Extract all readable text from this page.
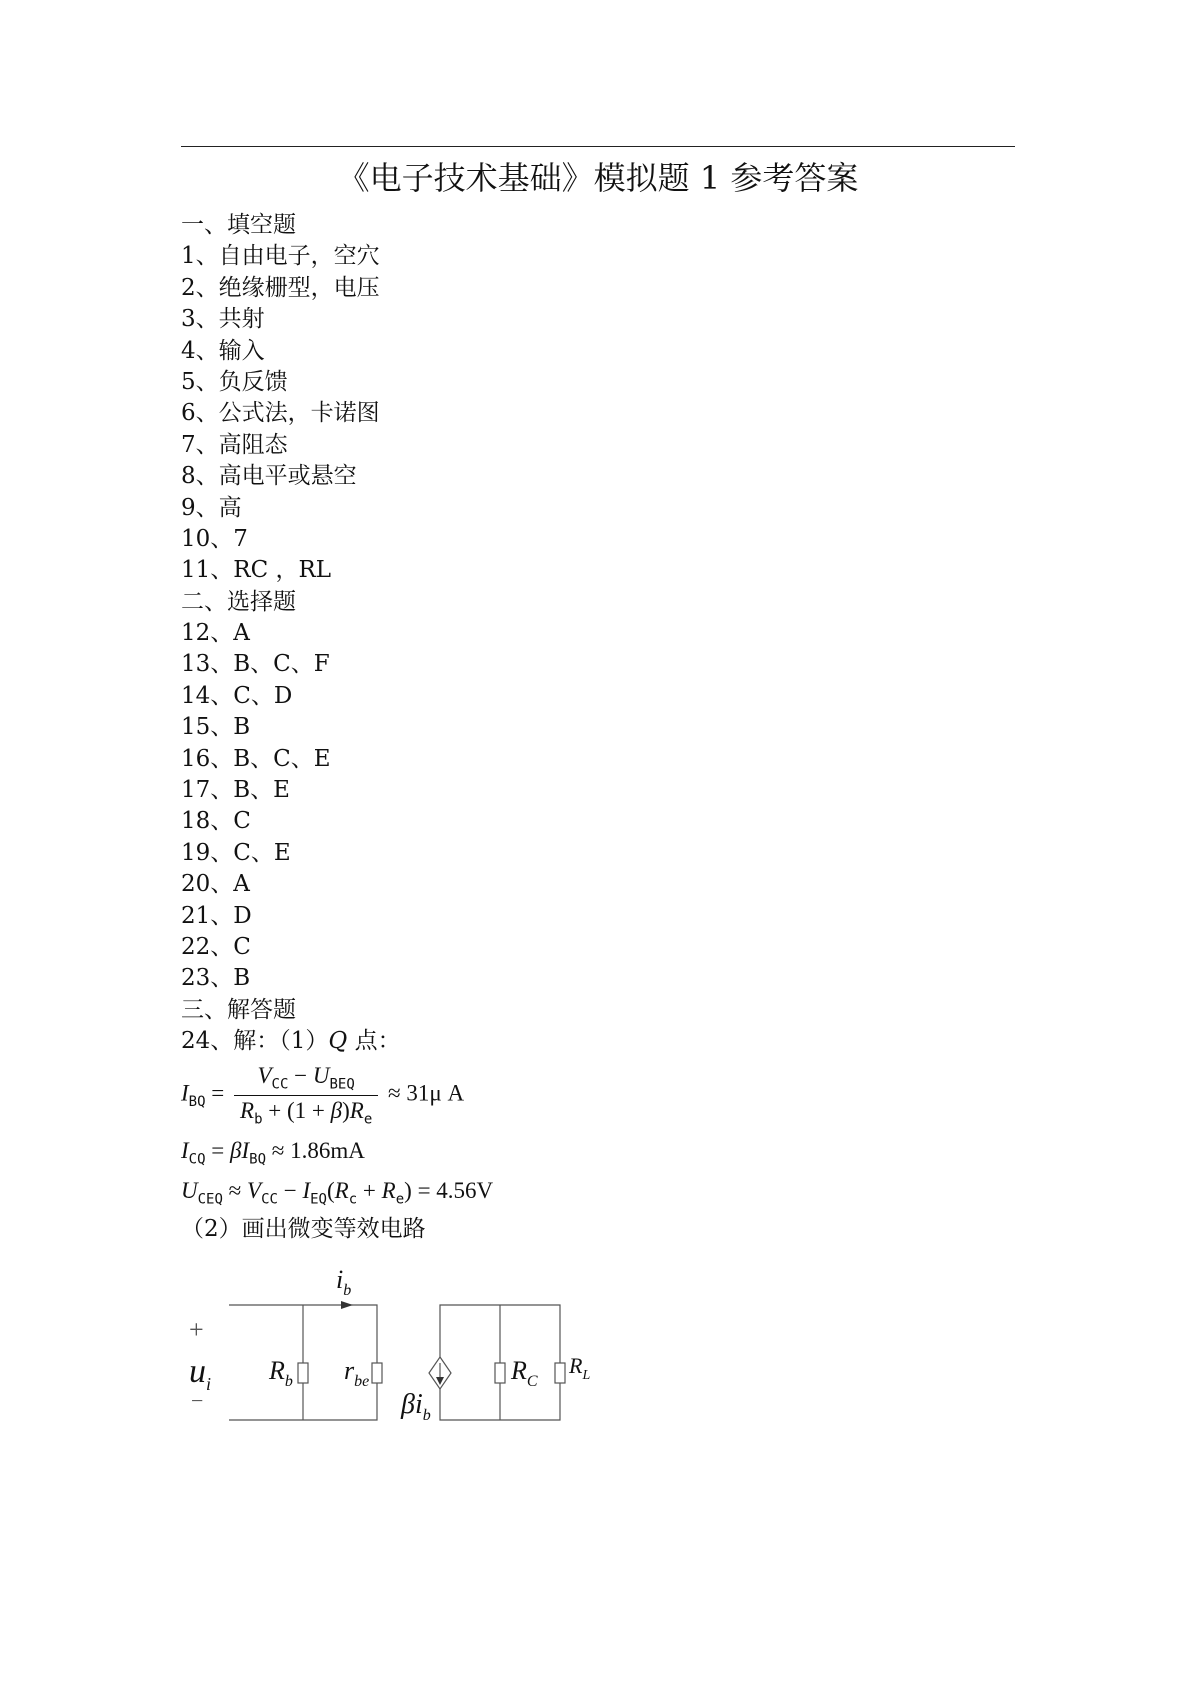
《电子技术基础》模拟题 1 参考答案
一、填空题
1、自由电子，空穴
2、绝缘栅型，电压
3、共射
4、输入
5、负反馈
6、公式法，卡诺图
7、高阻态
8、高电平或悬空
9、高
10、7
11、RC ，RL
二、选择题
12、A
13、B、C、F
14、C、D
15、B
16、B、C、E
17、B、E
18、C
19、C、E
20、A
21、D
22、C
23、B
三、解答题
24、解：（1）Q 点：
$I_{BQ} = \frac{V_{CC} - U_{BEQ}}{R_b + (1 + \beta)R_e} \approx 31\mu$ A
$I_{CQ} = \beta I_{BQ} \approx 1.86mA$
$U_{CEQ} \approx V_{CC} - I_{EQ}(R_c + R_e) = 4.56V$
（2）画出微变等效电路
+
−
$u_i$
$i_b$
$R_b$ $r_{be}$
$\beta i_b$
$R_C$
$R_L$
